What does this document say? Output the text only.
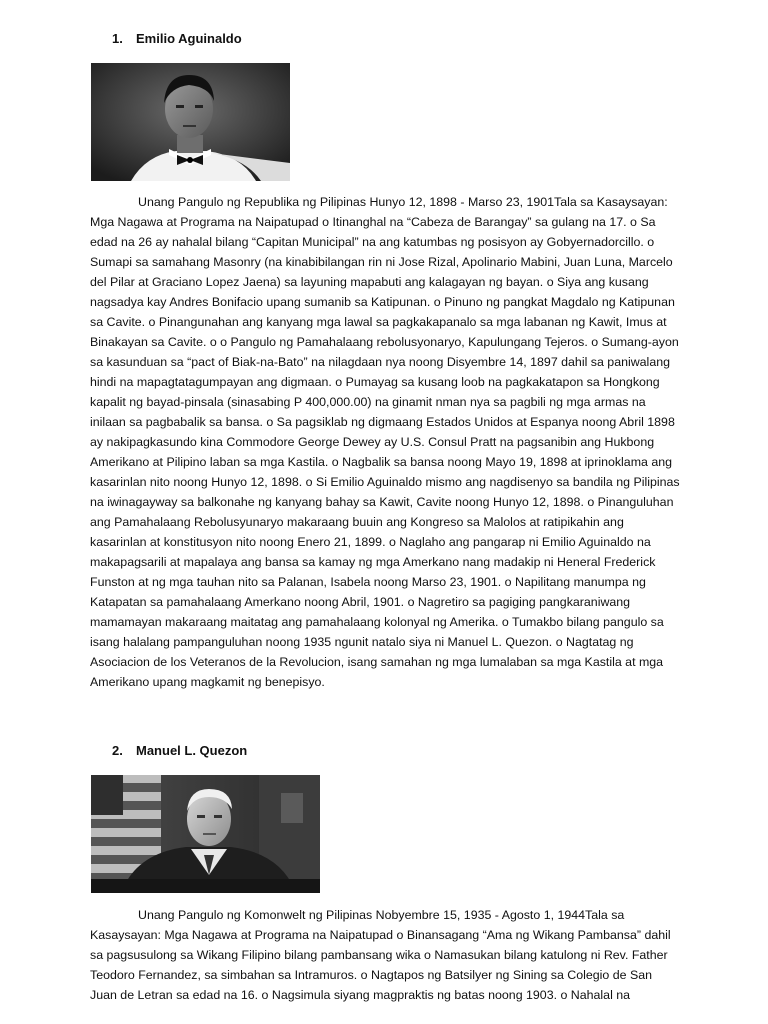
1. Emilio Aguinaldo

Unang Pangulo ng Republika ng Pilipinas Hunyo 12, 1898 - Marso 23, 1901Tala sa Kasaysayan: Mga Nagawa at Programa na Naipatupad o Itinanghal na “Cabeza de Barangay” sa gulang na 17. o Sa edad na 26 ay nahalal bilang “Capitan Municipal” na ang katumbas ng posisyon ay Gobyernadorcillo. o Sumapi sa samahang Masonry (na kinabibilangan rin ni Jose Rizal, Apolinario Mabini, Juan Luna, Marcelo del Pilar at Graciano Lopez Jaena) sa layuning mapabuti ang kalagayan ng bayan. o Siya ang kusang nagsadya kay Andres Bonifacio upang sumanib sa Katipunan. o Pinuno ng pangkat Magdalo ng Katipunan sa Cavite. o Pinangunahan ang kanyang mga lawal sa pagkakapanalo sa mga labanan ng Kawit, Imus at Binakayan sa Cavite. o o Pangulo ng Pamahalaang rebolusyonaryo, Kapulungang Tejeros. o Sumang-ayon sa kasunduan sa “pact of Biak-na-Bato” na nilagdaan nya noong Disyembre 14, 1897 dahil sa paniwalang hindi na mapagtatagumpayan ang digmaan. o Pumayag sa kusang loob na pagkakatapon sa Hongkong kapalit ng bayad-pinsala (sinasabing P 400,000.00) na ginamit nman nya sa pagbili ng mga armas na inilaan sa pagbabalik sa bansa. o Sa pagsiklab ng digmaang Estados Unidos at Espanya noong Abril 1898 ay nakipagkasundo kina Commodore George Dewey ay U.S. Consul Pratt na pagsanibin ang Hukbong Amerikano at Pilipino laban sa mga Kastila. o Nagbalik sa bansa noong Mayo 19, 1898 at iprinoklama ang kasarinlan nito noong Hunyo 12, 1898. o Si Emilio Aguinaldo mismo ang nagdisenyo sa bandila ng Pilipinas na iwinagayway sa balkonahe ng kanyang bahay sa Kawit, Cavite noong Hunyo 12, 1898. o Pinanguluhan ang Pamahalaang Rebolusyunaryo makaraang buuin ang Kongreso sa Malolos at ratipikahin ang kasarinlan at konstitusyon nito noong Enero 21, 1899. o Naglaho ang pangarap ni Emilio Aguinaldo na makapagsarili at mapalaya ang bansa sa kamay ng mga Amerkano nang madakip ni Heneral Frederick Funston at ng mga tauhan nito sa Palanan, Isabela noong Marso 23, 1901. o Napilitang manumpa ng Katapatan sa pamahalaang Amerkano noong Abril, 1901. o Nagretiro sa pagiging pangkaraniwang mamamayan makaraang maitatag ang pamahalaang kolonyal ng Amerika. o Tumakbo bilang pangulo sa isang halalang pampanguluhan noong 1935 ngunit natalo siya ni Manuel L. Quezon. o Nagtatag ng Asociacion de los Veteranos de la Revolucion, isang samahan ng mga lumalaban sa mga Kastila at mga Amerikano upang magkamit ng benepisyo.

2. Manuel L. Quezon

Unang Pangulo ng Komonwelt ng Pilipinas Nobyembre 15, 1935 - Agosto 1, 1944Tala sa Kasaysayan: Mga Nagawa at Programa na Naipatupad o Binansagang “Ama ng Wikang Pambansa” dahil sa pagsusulong sa Wikang Filipino bilang pambansang wika o Namasukan bilang katulong ni Rev. Father Teodoro Fernandez, sa simbahan sa Intramuros. o Nagtapos ng Batsilyer ng Sining sa Colegio de San Juan de Letran sa edad na 16. o Nagsimula siyang magpraktis ng batas noong 1903. o Nahalal na
